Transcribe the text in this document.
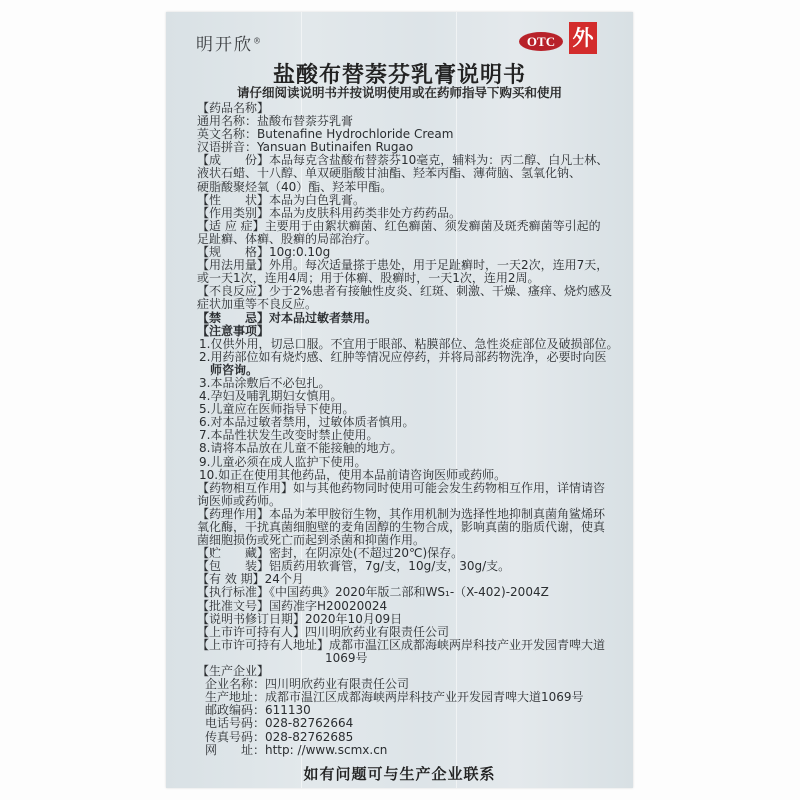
明开欣®	OTC 外
盐酸布替萘芬乳膏说明书
请仔细阅读说明书并按说明使用或在药师指导下购买和使用
【药品名称】
通用名称：盐酸布替萘芬乳膏
英文名称：Butenafine Hydrochloride Cream
汉语拼音：Yansuan Butinaifen Rugao
【成　　份】本品每克含盐酸布替萘芬10毫克，辅料为：丙二醇、白凡士林、
液状石蜡、十八醇、单双硬脂酸甘油酯、羟苯丙酯、薄荷脑、氢氧化钠、
硬脂酸聚烃氧（40）酯、羟苯甲酯。
【性　　状】本品为白色乳膏。
【作用类别】本品为皮肤科用药类非处方药药品。
【适 应 症】主要用于由絮状癣菌、红色癣菌、须发癣菌及斑秃癣菌等引起的
足趾癣、体癣、股癣的局部治疗。
【规　　格】10g:0.10g
【用法用量】外用。每次适量搽于患处，用于足趾癣时，一天2次，连用7天，
或一天1次，连用4周；用于体癣、股癣时，一天1次，连用2周。
【不良反应】少于2%患者有接触性皮炎、红斑、刺激、干燥、瘙痒、烧灼感及
症状加重等不良反应。
【禁　　忌】对本品过敏者禁用。
【注意事项】
1.仅供外用，切忌口服。不宜用于眼部、粘膜部位、急性炎症部位及破损部位。
2.用药部位如有烧灼感、红肿等情况应停药，并将局部药物洗净，必要时向医
师咨询。
3.本品涂敷后不必包扎。
4.孕妇及哺乳期妇女慎用。
5.儿童应在医师指导下使用。
6.对本品过敏者禁用，过敏体质者慎用。
7.本品性状发生改变时禁止使用。
8.请将本品放在儿童不能接触的地方。
9.儿童必须在成人监护下使用。
10.如正在使用其他药品，使用本品前请咨询医师或药师。
【药物相互作用】如与其他药物同时使用可能会发生药物相互作用，详情请咨
询医师或药师。
【药理作用】本品为苯甲胺衍生物，其作用机制为选择性地抑制真菌角鲨烯环
氧化酶，干扰真菌细胞壁的麦角固醇的生物合成，影响真菌的脂质代谢，使真
菌细胞损伤或死亡而起到杀菌和抑菌作用。
【贮　　藏】密封，在阴凉处(不超过20℃)保存。
【包　　装】铝质药用软膏管，7g/支，10g/支，30g/支。
【有 效 期】24个月
【执行标准】《中国药典》2020年版二部和WS₁-（X-402)-2004Z
【批准文号】国药准字H20020024
【说明书修订日期】2020年10月09日
【上市许可持有人】四川明欣药业有限责任公司
【上市许可持有人地址】成都市温江区成都海峡两岸科技产业开发园青啤大道
1069号
【生产企业】
企业名称：四川明欣药业有限责任公司
生产地址：成都市温江区成都海峡两岸科技产业开发园青啤大道1069号
邮政编码：611130
电话号码：028-82762664
传真号码：028-82762685
网　　址：http: //www.scmx.cn
如有问题可与生产企业联系
